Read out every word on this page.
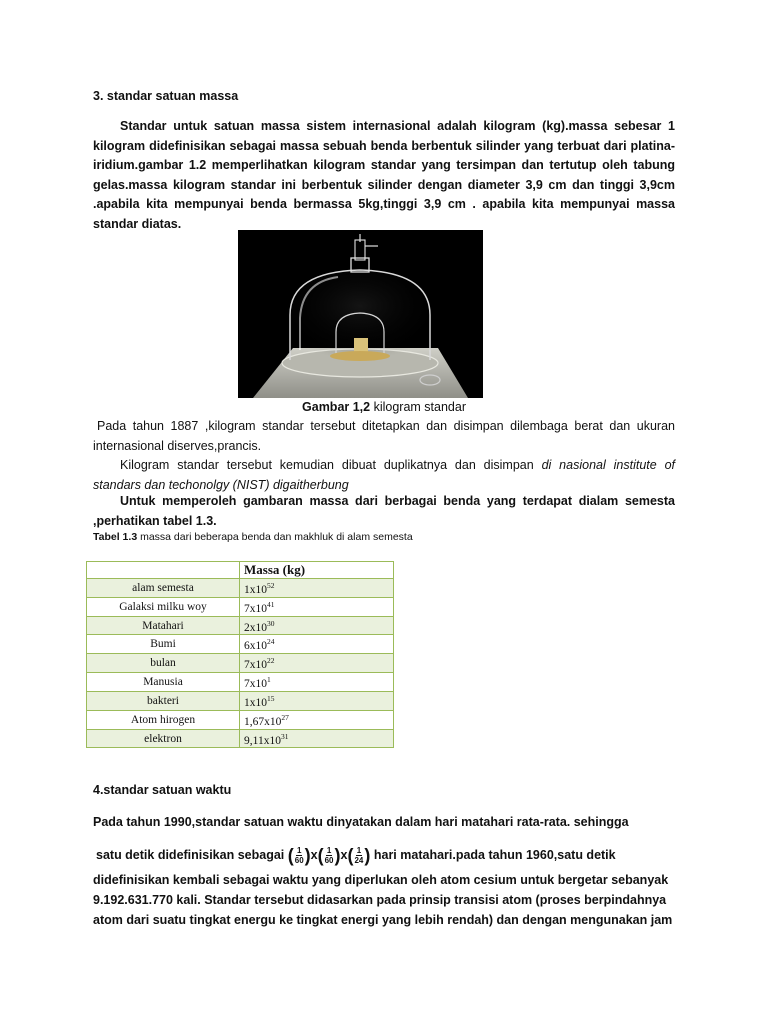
3. standar satuan massa
Standar untuk satuan massa sistem internasional adalah kilogram (kg).massa sebesar 1 kilogram didefinisikan sebagai massa sebuah benda berbentuk silinder yang terbuat dari platina-iridium.gambar 1.2 memperlihatkan kilogram standar yang tersimpan dan tertutup oleh tabung gelas.massa kilogram standar ini berbentuk silinder dengan diameter 3,9 cm dan tinggi 3,9cm .apabila kita mempunyai benda bermassa 5kg,tinggi 3,9 cm . apabila kita mempunyai massa standar diatas.
Gambar 1,2 kilogram standar
Pada tahun 1887 ,kilogram standar tersebut ditetapkan dan disimpan dilembaga berat dan ukuran internasional diserves,prancis.
Kilogram standar tersebut kemudian dibuat duplikatnya dan disimpan di nasional institute of standars dan techonolgy (NIST) digaitherbung
Untuk memperoleh gambaran massa dari berbagai benda yang terdapat dialam semesta ,perhatikan tabel 1.3.
Tabel 1.3 massa dari beberapa benda dan makhluk di alam semesta
	Massa (kg)
alam semesta	$1x10^{52}$
Galaksi milku woy	$7x10^{41}$
Matahari	$2x10^{30}$
Bumi	$6x10^{24}$
bulan	$7x10^{22}$
Manusia	$7x10^1$
bakteri	$1x10^{15}$
Atom hirogen	$1,67x10^{27}$
elektron	$9,11x10^{31}$
4.standar satuan waktu
Pada tahun 1990,standar satuan waktu dinyatakan dalam hari matahari rata-rata. sehingga
satu detik didefinisikan sebagai ( $\frac{1}{60} )x( \frac{1}{60} )x( \frac{1}{24}$ ) hari matahari.pada tahun 1960,satu detik
didefinisikan kembali sebagai waktu yang diperlukan oleh atom cesium untuk bergetar sebanyak 9.192.631.770 kali. Standar tersebut didasarkan pada prinsip transisi atom (proses berpindahnya atom dari suatu tingkat energu ke tingkat energi yang lebih rendah) dan dengan mengunakan jam
